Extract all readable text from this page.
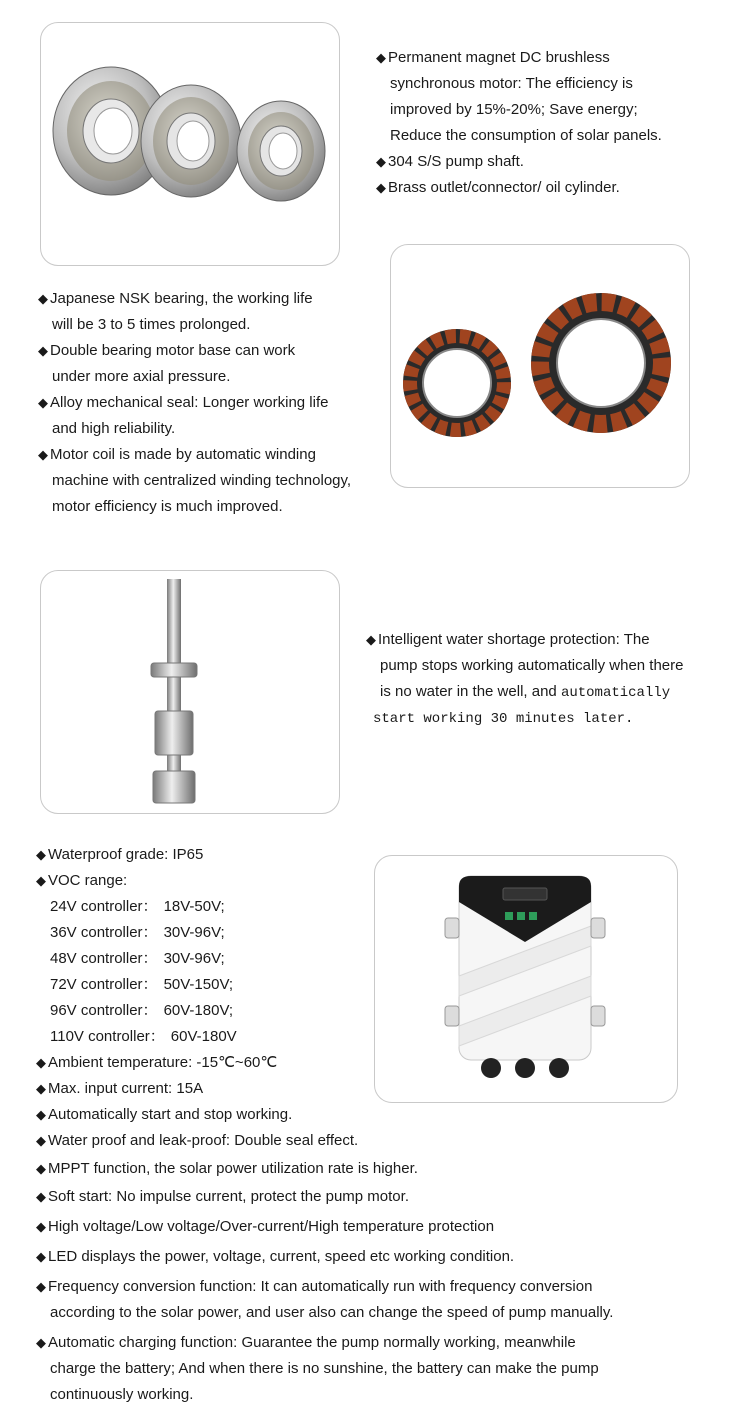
◆ Permanent magnet DC brushless
synchronous motor: The efficiency is
improved by 15%-20%; Save energy;
Reduce the consumption of solar panels.
◆ 304 S/S pump shaft.
◆ Brass outlet/connector/ oil cylinder.
◆ Japanese NSK bearing, the working life
will be 3 to 5 times prolonged.
◆ Double bearing motor base can work
under more axial pressure.
◆ Alloy mechanical seal: Longer working life
and high reliability.
◆ Motor coil is made by automatic winding
machine with centralized winding technology,
motor efficiency is much improved.
◆ Intelligent water shortage protection: The
pump stops working automatically when there
is no water in the well, and automatically
start working 30 minutes later.
◆ Waterproof grade: IP65
◆ VOC range:
24V controller： 18V-50V;
36V controller： 30V-96V;
48V controller： 30V-96V;
72V controller： 50V-150V;
96V controller： 60V-180V;
110V controller： 60V-180V
◆ Ambient temperature: -15℃~60℃
◆ Max. input current: 15A
◆ Automatically start and stop working.
◆ Water proof and leak-proof: Double seal effect.
◆ MPPT function, the solar power utilization rate is higher.
◆ Soft start: No impulse current, protect the pump motor.
◆ High voltage/Low voltage/Over-current/High temperature protection
◆ LED displays the power, voltage, current, speed etc working condition.
◆ Frequency conversion function: It can automatically run with frequency conversion
according to the solar power, and user also can change the speed of pump manually.
◆ Automatic charging function: Guarantee the pump normally working, meanwhile
charge the battery; And when there is no sunshine, the battery can make the pump
continuously working.
